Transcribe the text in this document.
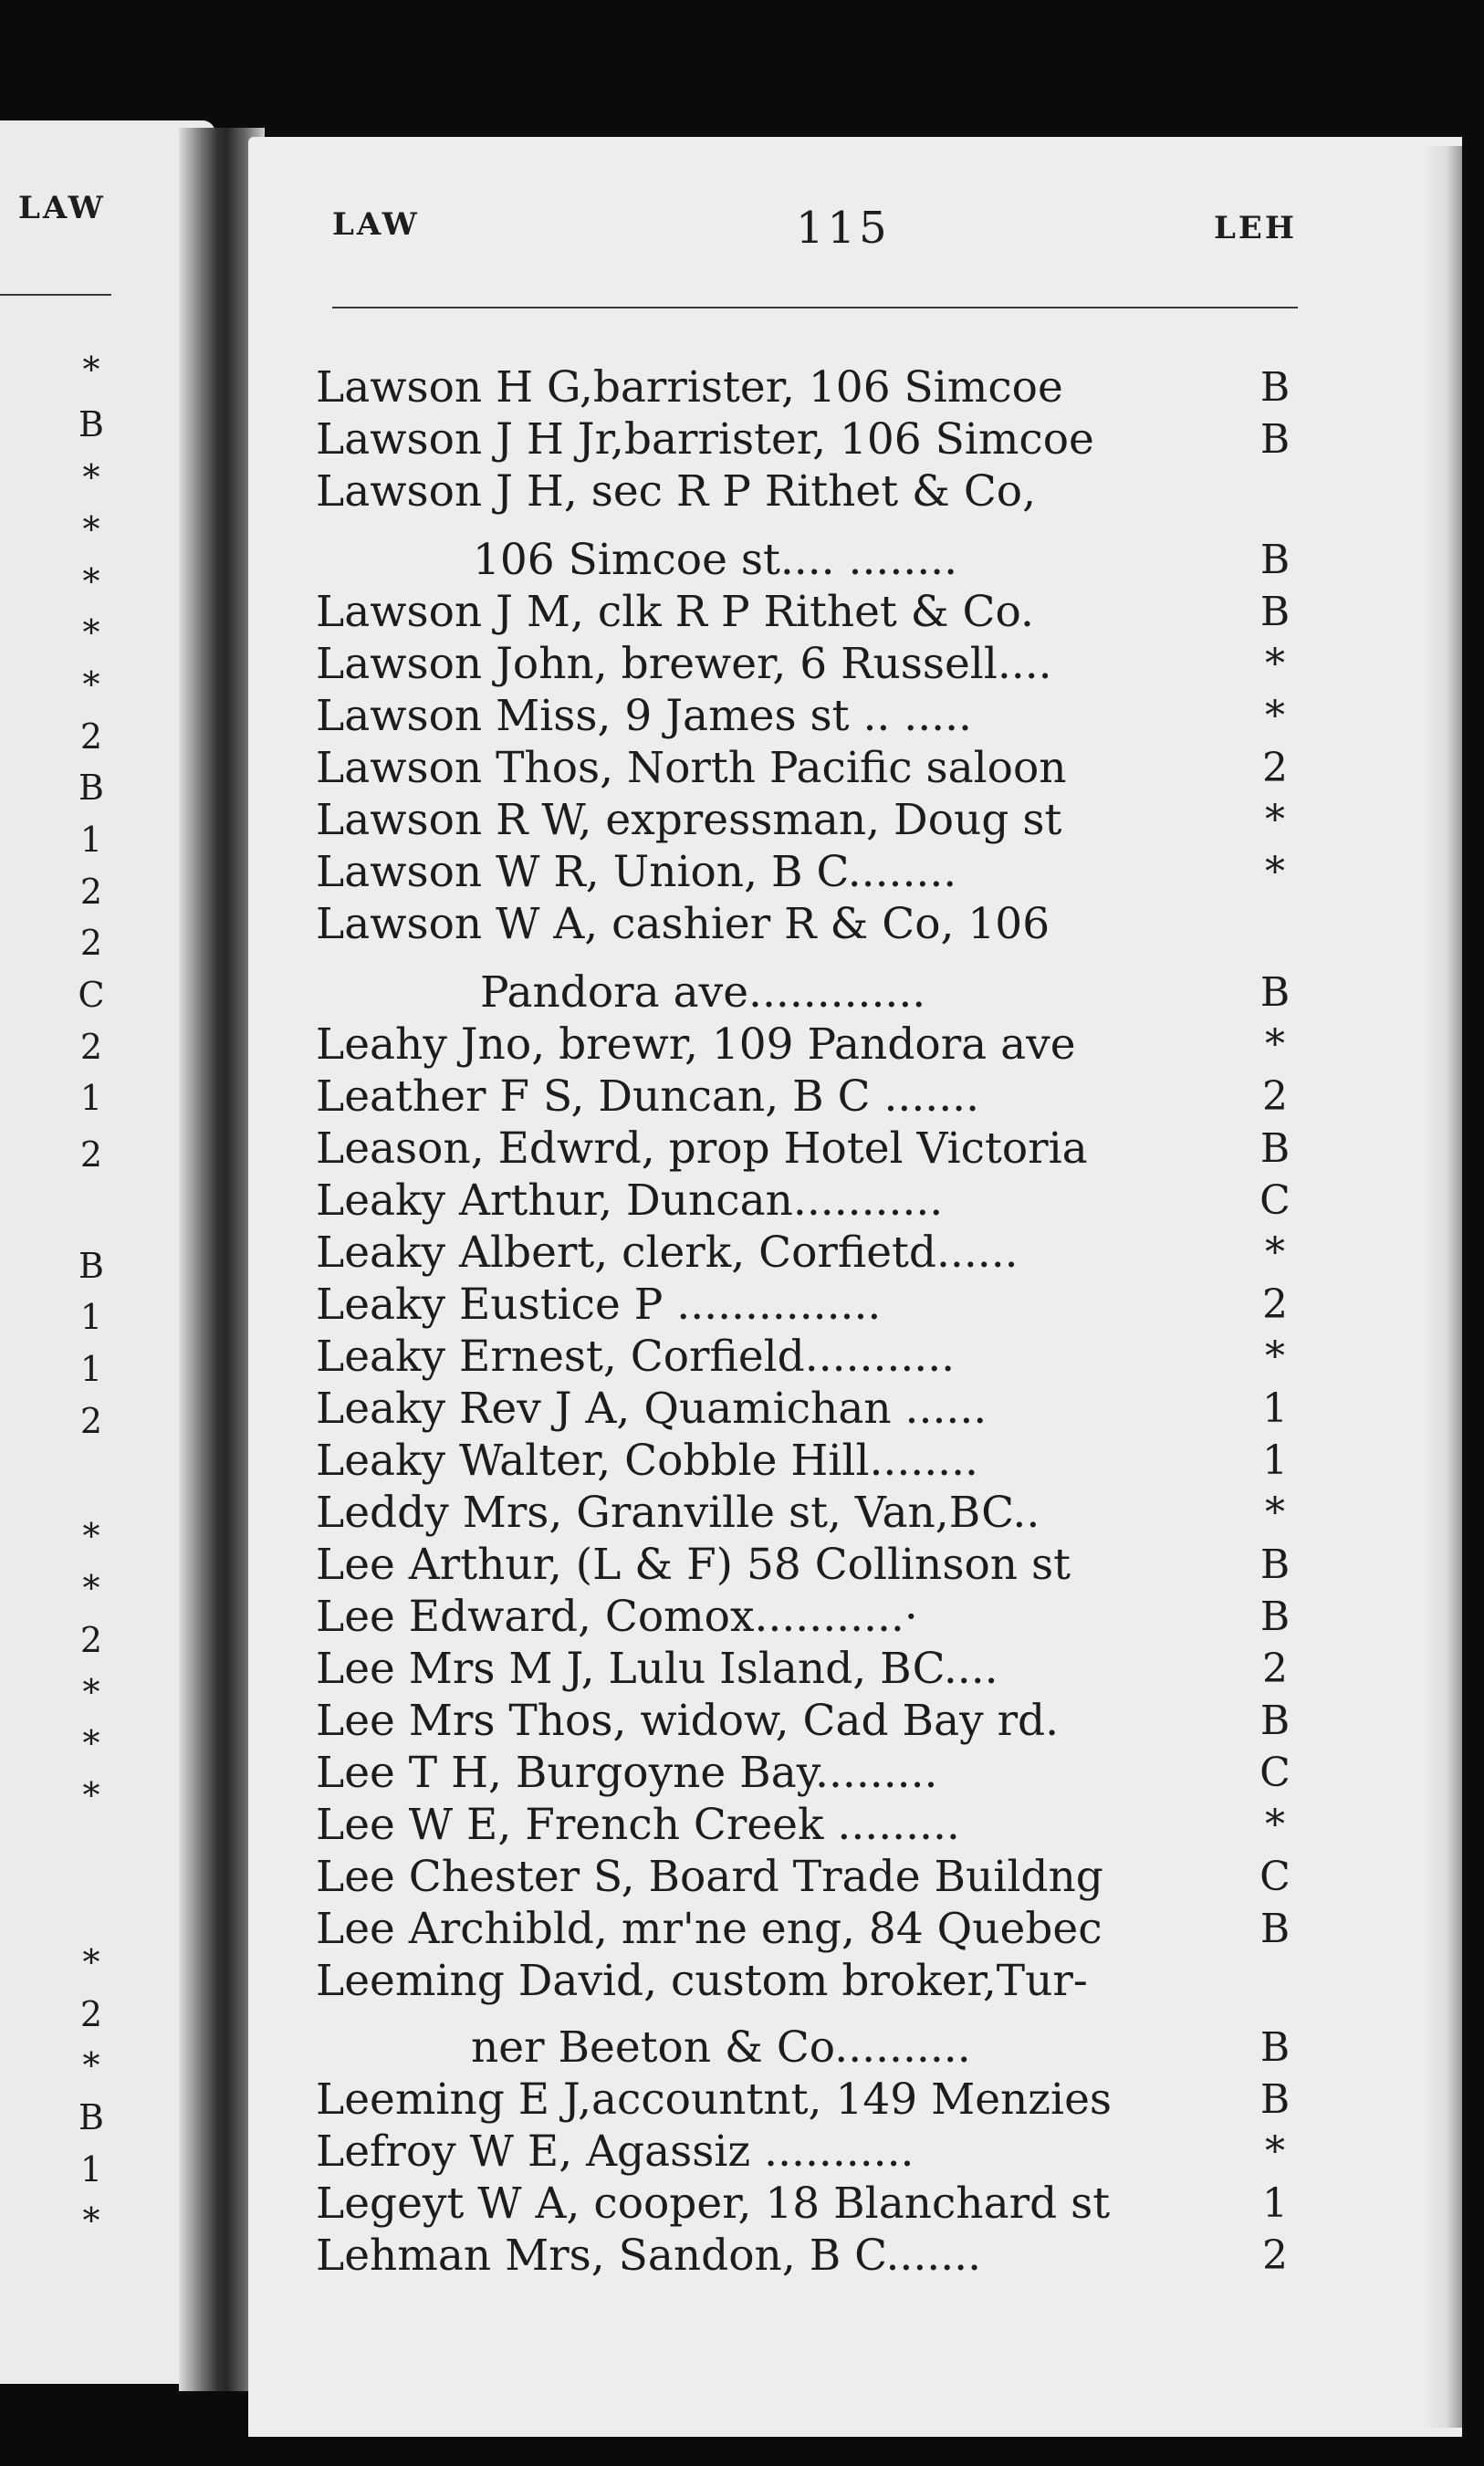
LAW	LAW	115	LEH
*
B
*
*
*
*
*
2
B
1
2
2
C
2
1
2
B
1
1
2
*
*
2
*
*
*
*
2
*
B
1
*
Lawson H G,barrister, 106 Simcoe	B
Lawson J H Jr,barrister, 106 Simcoe	B
Lawson J H, sec R P Rithet & Co,
106 Simcoe st.... ........	B
Lawson J M, clk R P Rithet & Co.	B
Lawson John, brewer, 6 Russell....	*
Lawson Miss, 9 James st .. .....	*
Lawson Thos, North Pacific saloon	2
Lawson R W, expressman, Doug st	*
Lawson W R, Union, B C........	*
Lawson W A, cashier R & Co, 106
Pandora ave.............	B
Leahy Jno, brewr, 109 Pandora ave	*
Leather F S, Duncan, B C .......	2
Leason, Edwrd, prop Hotel Victoria	B
Leaky Arthur, Duncan...........	C
Leaky Albert, clerk, Corfietd......	*
Leaky Eustice P ...............	2
Leaky Ernest, Corfield...........	*
Leaky Rev J A, Quamichan ......	1
Leaky Walter, Cobble Hill........	1
Leddy Mrs, Granville st, Van,BC..	*
Lee Arthur, (L & F) 58 Collinson st	B
Lee Edward, Comox...........·	B
Lee Mrs M J, Lulu Island, BC....	2
Lee Mrs Thos, widow, Cad Bay rd.	B
Lee T H, Burgoyne Bay.........	C
Lee W E, French Creek .........	*
Lee Chester S, Board Trade Buildng	C
Lee Archibld, mr'ne eng, 84 Quebec	B
Leeming David, custom broker,Tur-
ner Beeton & Co..........	B
Leeming E J,accountnt, 149 Menzies	B
Lefroy W E, Agassiz ...........	*
Legeyt W A, cooper, 18 Blanchard st	1
Lehman Mrs, Sandon, B C.......	2
